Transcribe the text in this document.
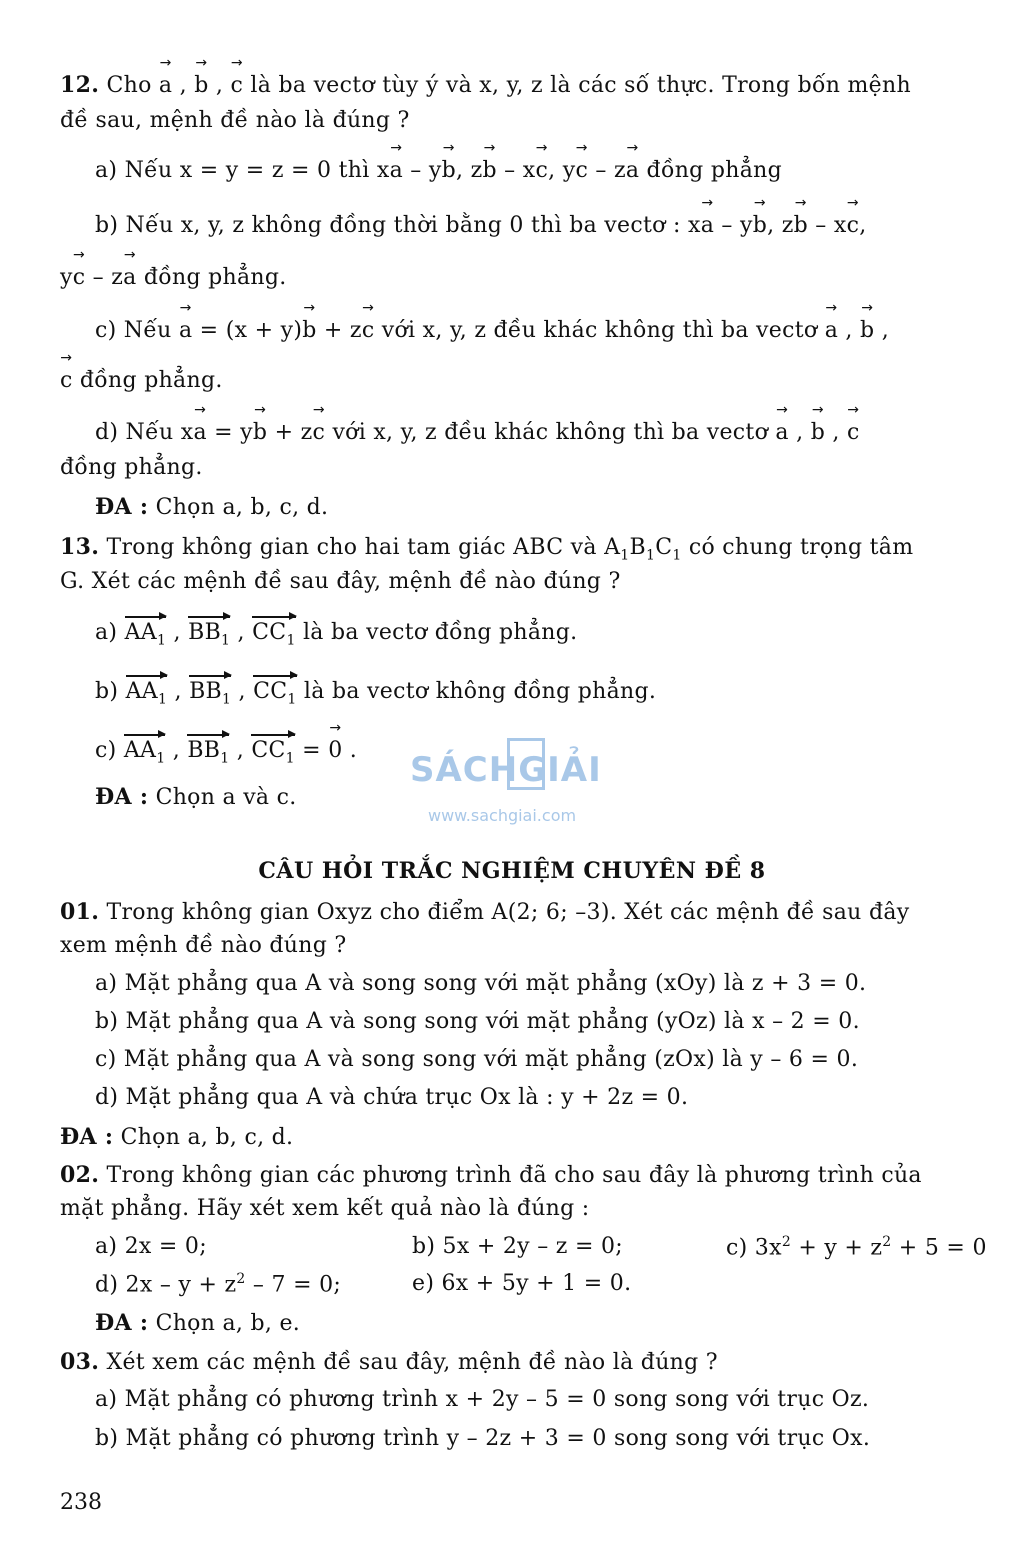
12. Cho → a , → b , → c là ba vectơ tùy ý và x, y, z là các số thực. Trong bốn mệnh
đề sau, mệnh đề nào là đúng ?
a) Nếu x = y = z = 0 thì x→ a – y→ b, z→ b – x→ c, y→ c – z→ a đồng phẳng
b) Nếu x, y, z không đồng thời bằng 0 thì ba vectơ : x→ a – y→ b, z→ b – x→ c,
y→ c – z→ a đồng phẳng.
c) Nếu → a = (x + y)→ b + z→ c với x, y, z đều khác không thì ba vectơ → a , → b ,
→ c đồng phẳng.
d) Nếu x→ a = y→ b + z→ c với x, y, z đều khác không thì ba vectơ → a , → b , → c
đồng phẳng.
ĐA : Chọn a, b, c, d.
13. Trong không gian cho hai tam giác ABC và $A_1B_1C_1$ có chung trọng tâm
G. Xét các mệnh đề sau đây, mệnh đề nào đúng ?
a) $AA_1$ , $BB_1$ , $CC_1$ là ba vectơ đồng phẳng.
b) $AA_1$ , $BB_1$ , $CC_1$ là ba vectơ không đồng phẳng.
c) $AA_1$ , $BB_1$ , $CC_1$ = → 0 .
ĐA : Chọn a và c.
SÁCHGIẢI
www.sachgiai.com
CÂU HỎI TRẮC NGHIỆM CHUYÊN ĐỀ 8
01. Trong không gian Oxyz cho điểm A(2; 6; –3). Xét các mệnh đề sau đây
xem mệnh đề nào đúng ?
a) Mặt phẳng qua A và song song với mặt phẳng (xOy) là z + 3 = 0.
b) Mặt phẳng qua A và song song với mặt phẳng (yOz) là x – 2 = 0.
c) Mặt phẳng qua A và song song với mặt phẳng (zOx) là y – 6 = 0.
d) Mặt phẳng qua A và chứa trục Ox là : y + 2z = 0.
ĐA : Chọn a, b, c, d.
02. Trong không gian các phương trình đã cho sau đây là phương trình của
mặt phẳng. Hãy xét xem kết quả nào là đúng :
a) 2x = 0;	b) 5x + 2y – z = 0;	c) $3x^2 + y + z^2 + 5 = 0$
d) $2x - y + z^2 - 7 = 0$;	e) 6x + 5y + 1 = 0.
ĐA : Chọn a, b, e.
03. Xét xem các mệnh đề sau đây, mệnh đề nào là đúng ?
a) Mặt phẳng có phương trình x + 2y – 5 = 0 song song với trục Oz.
b) Mặt phẳng có phương trình y – 2z + 3 = 0 song song với trục Ox.
238
